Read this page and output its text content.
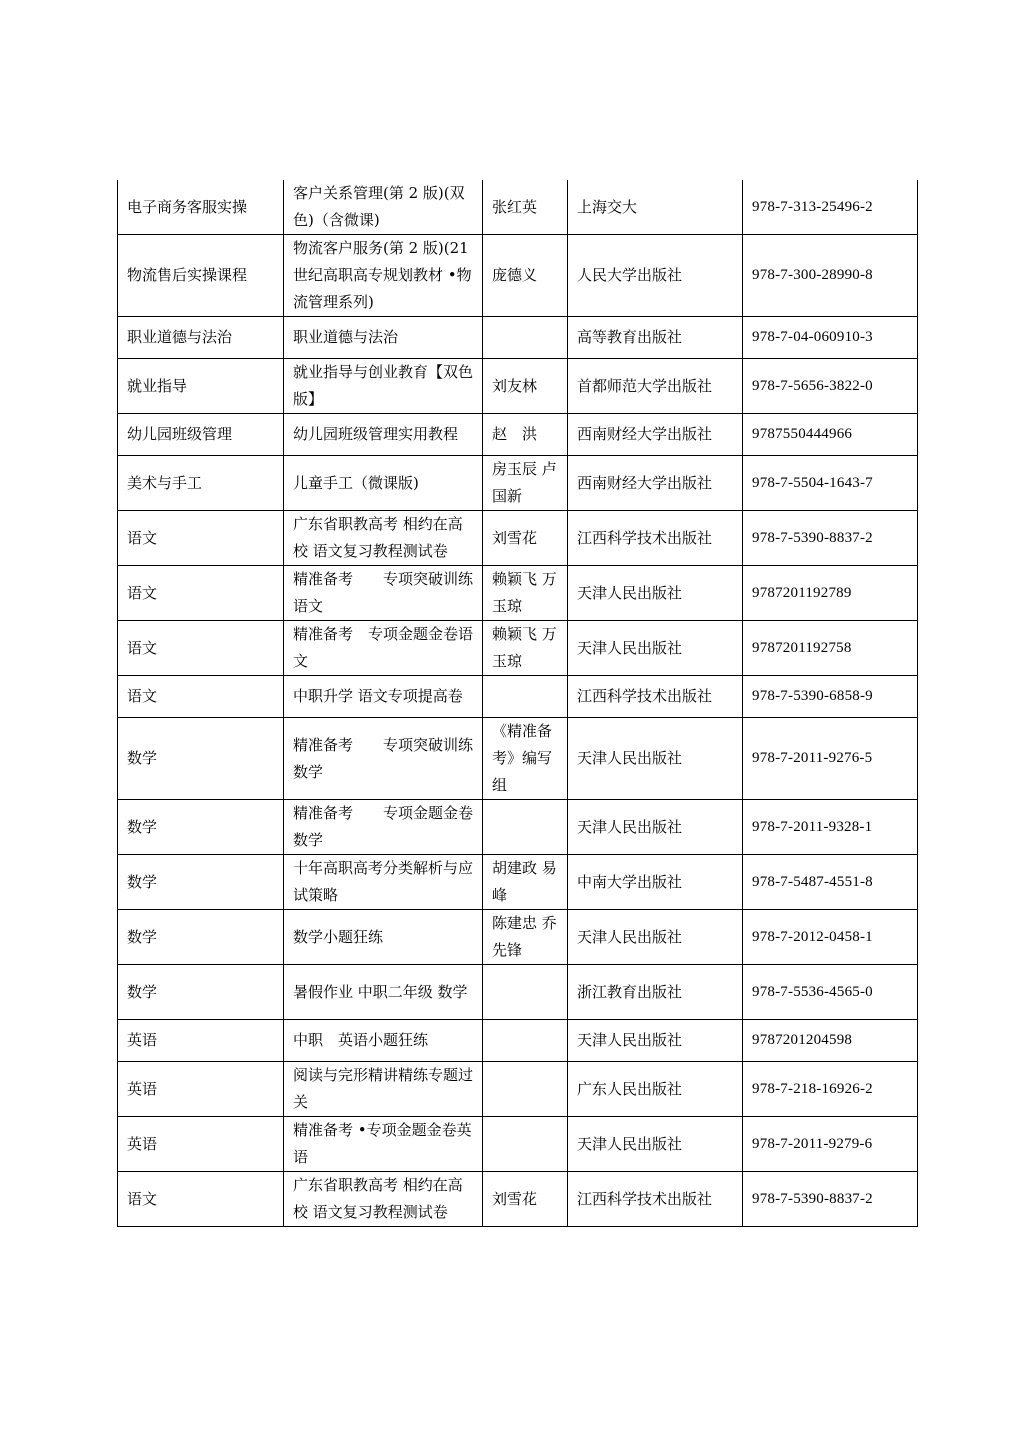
电子商务客服实操	客户关系管理(第 2 版)(双色)（含微课)	张红英	上海交大	978-7-313-25496-2
物流售后实操课程	物流客户服务(第 2 版)(21 世纪高职高专规划教材 •物流管理系列)	庞德义	人民大学出版社	978-7-300-28990-8
职业道德与法治	职业道德与法治		高等教育出版社	978-7-04-060910-3
就业指导	就业指导与创业教育【双色版】	刘友林	首都师范大学出版社	978-7-5656-3822-0
幼儿园班级管理	幼儿园班级管理实用教程	赵　洪	西南财经大学出版社	9787550444966
美术与手工	儿童手工（微课版)	房玉辰 卢国新	西南财经大学出版社	978-7-5504-1643-7
语文	广东省职教高考 相约在高校 语文复习教程测试卷	刘雪花	江西科学技术出版社	978-7-5390-8837-2
语文	精准备考　　专项突破训练语文	赖颖飞 万玉琼	天津人民出版社	9787201192789
语文	精准备考　专项金题金卷语文	赖颖飞 万玉琼	天津人民出版社	9787201192758
语文	中职升学 语文专项提高卷		江西科学技术出版社	978-7-5390-6858-9
数学	精准备考　　专项突破训练数学	《精准备考》编写组	天津人民出版社	978-7-2011-9276-5
数学	精准备考　　专项金题金卷数学		天津人民出版社	978-7-2011-9328-1
数学	十年高职高考分类解析与应试策略	胡建政 易峰	中南大学出版社	978-7-5487-4551-8
数学	数学小题狂练	陈建忠 乔先锋	天津人民出版社	978-7-2012-0458-1
数学	暑假作业 中职二年级 数学		浙江教育出版社	978-7-5536-4565-0
英语	中职　英语小题狂练		天津人民出版社	9787201204598
英语	阅读与完形精讲精练专题过关		广东人民出版社	978-7-218-16926-2
英语	精准备考 •专项金题金卷英语		天津人民出版社	978-7-2011-9279-6
语文	广东省职教高考 相约在高校 语文复习教程测试卷	刘雪花	江西科学技术出版社	978-7-5390-8837-2
